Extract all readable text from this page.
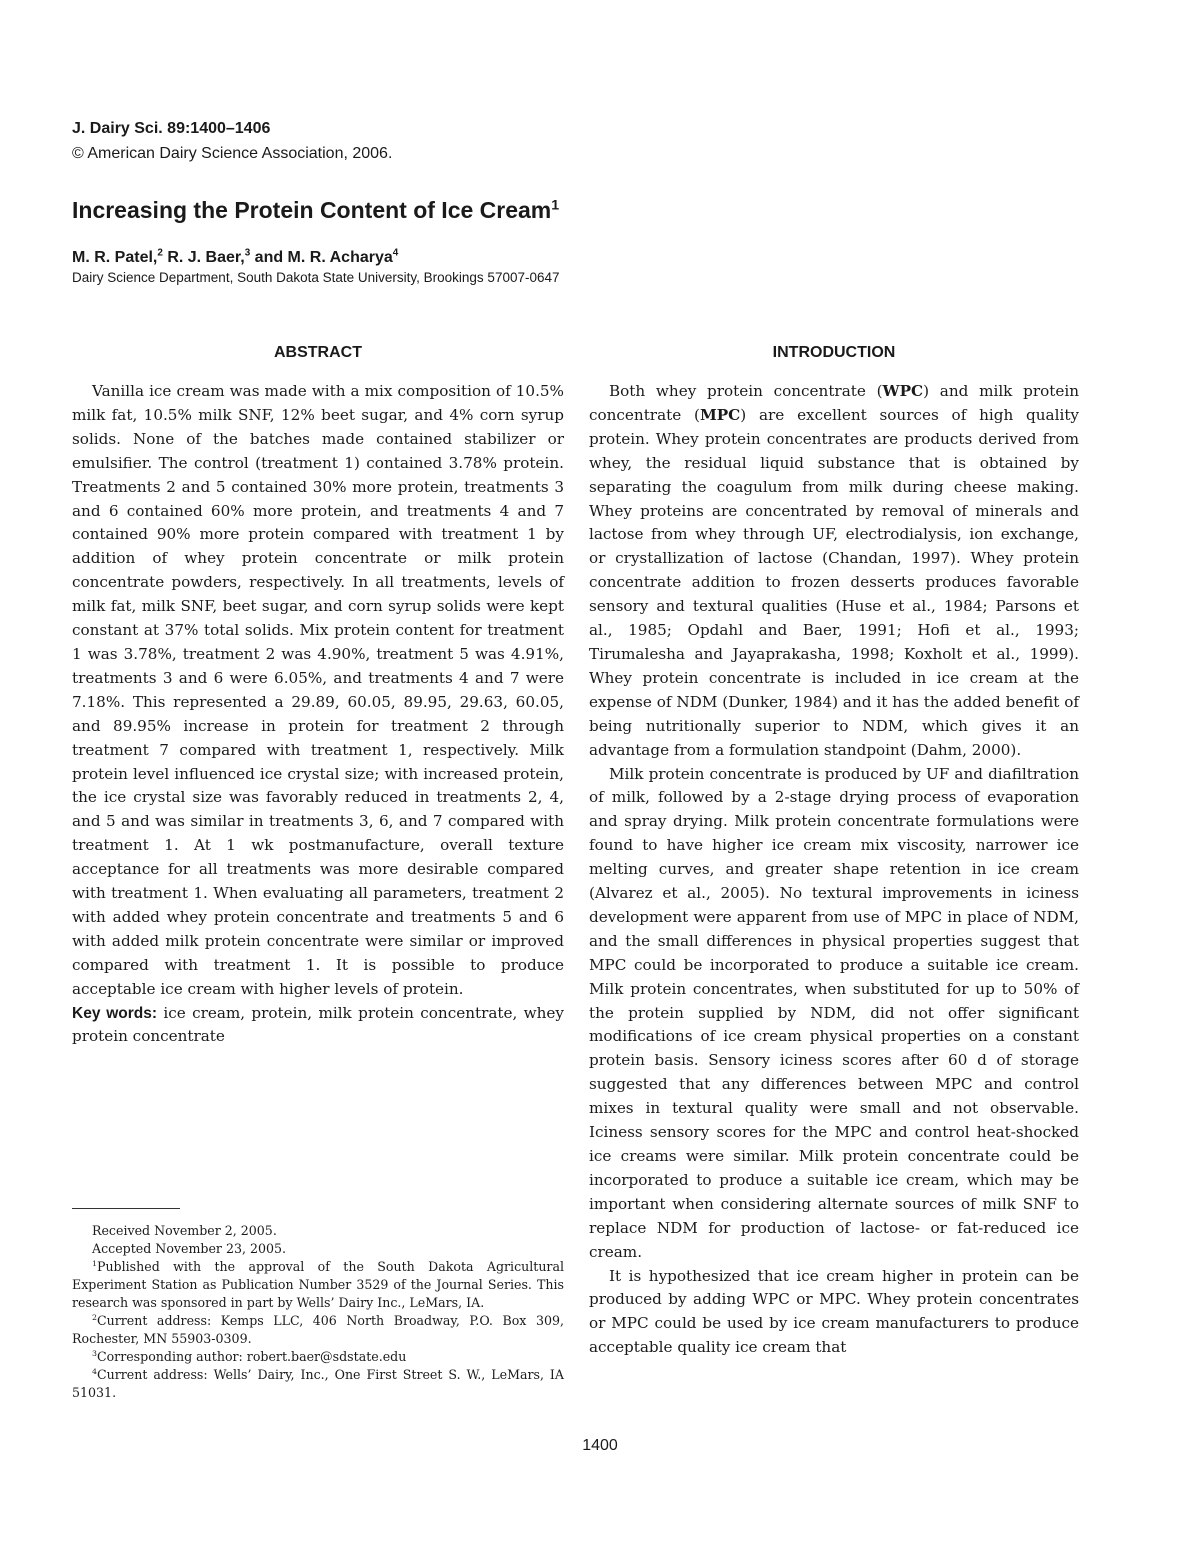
J. Dairy Sci. 89:1400–1406
© American Dairy Science Association, 2006.
Increasing the Protein Content of Ice Cream$^1$
M. R. Patel,$^2$ R. J. Baer,$^3$ and M. R. Acharya$^4$
Dairy Science Department, South Dakota State University, Brookings 57007-0647
ABSTRACT

Vanilla ice cream was made with a mix composition of 10.5% milk fat, 10.5% milk SNF, 12% beet sugar, and 4% corn syrup solids. None of the batches made contained stabilizer or emulsifier. The control (treatment 1) contained 3.78% protein. Treatments 2 and 5 contained 30% more protein, treatments 3 and 6 contained 60% more protein, and treatments 4 and 7 contained 90% more protein compared with treatment 1 by addition of whey protein concentrate or milk protein concentrate powders, respectively. In all treatments, levels of milk fat, milk SNF, beet sugar, and corn syrup solids were kept constant at 37% total solids. Mix protein content for treatment 1 was 3.78%, treatment 2 was 4.90%, treatment 5 was 4.91%, treatments 3 and 6 were 6.05%, and treatments 4 and 7 were 7.18%. This represented a 29.89, 60.05, 89.95, 29.63, 60.05, and 89.95% increase in protein for treatment 2 through treatment 7 compared with treatment 1, respectively. Milk protein level influenced ice crystal size; with increased protein, the ice crystal size was favorably reduced in treatments 2, 4, and 5 and was similar in treatments 3, 6, and 7 compared with treatment 1. At 1 wk postmanufacture, overall texture acceptance for all treatments was more desirable compared with treatment 1. When evaluating all parameters, treatment 2 with added whey protein concentrate and treatments 5 and 6 with added milk protein concentrate were similar or improved compared with treatment 1. It is possible to produce acceptable ice cream with higher levels of protein.

Key words: ice cream, protein, milk protein concentrate, whey protein concentrate

Received November 2, 2005.

Accepted November 23, 2005.

$^1$Published with the approval of the South Dakota Agricultural Experiment Station as Publication Number 3529 of the Journal Series. This research was sponsored in part by Wells’ Dairy Inc., LeMars, IA.

$^2$Current address: Kemps LLC, 406 North Broadway, P.O. Box 309, Rochester, MN 55903-0309.

$^3$Corresponding author: robert.baer@sdstate.edu

$^4$Current address: Wells’ Dairy, Inc., One First Street S. W., LeMars, IA 51031.

INTRODUCTION

Both whey protein concentrate (WPC) and milk protein concentrate (MPC) are excellent sources of high quality protein. Whey protein concentrates are products derived from whey, the residual liquid substance that is obtained by separating the coagulum from milk during cheese making. Whey proteins are concentrated by removal of minerals and lactose from whey through UF, electrodialysis, ion exchange, or crystallization of lactose (Chandan, 1997). Whey protein concentrate addition to frozen desserts produces favorable sensory and textural qualities (Huse et al., 1984; Parsons et al., 1985; Opdahl and Baer, 1991; Hofi et al., 1993; Tirumalesha and Jayaprakasha, 1998; Koxholt et al., 1999). Whey protein concentrate is included in ice cream at the expense of NDM (Dunker, 1984) and it has the added benefit of being nutritionally superior to NDM, which gives it an advantage from a formulation standpoint (Dahm, 2000).

Milk protein concentrate is produced by UF and diafiltration of milk, followed by a 2-stage drying process of evaporation and spray drying. Milk protein concentrate formulations were found to have higher ice cream mix viscosity, narrower ice melting curves, and greater shape retention in ice cream (Alvarez et al., 2005). No textural improvements in iciness development were apparent from use of MPC in place of NDM, and the small differences in physical properties suggest that MPC could be incorporated to produce a suitable ice cream. Milk protein concentrates, when substituted for up to 50% of the protein supplied by NDM, did not offer significant modifications of ice cream physical properties on a constant protein basis. Sensory iciness scores after 60 d of storage suggested that any differences between MPC and control mixes in textural quality were small and not observable. Iciness sensory scores for the MPC and control heat-shocked ice creams were similar. Milk protein concentrate could be incorporated to produce a suitable ice cream, which may be important when considering alternate sources of milk SNF to replace NDM for production of lactose- or fat-reduced ice cream.

It is hypothesized that ice cream higher in protein can be produced by adding WPC or MPC. Whey protein concentrates or MPC could be used by ice cream manufacturers to produce acceptable quality ice cream that

1400
